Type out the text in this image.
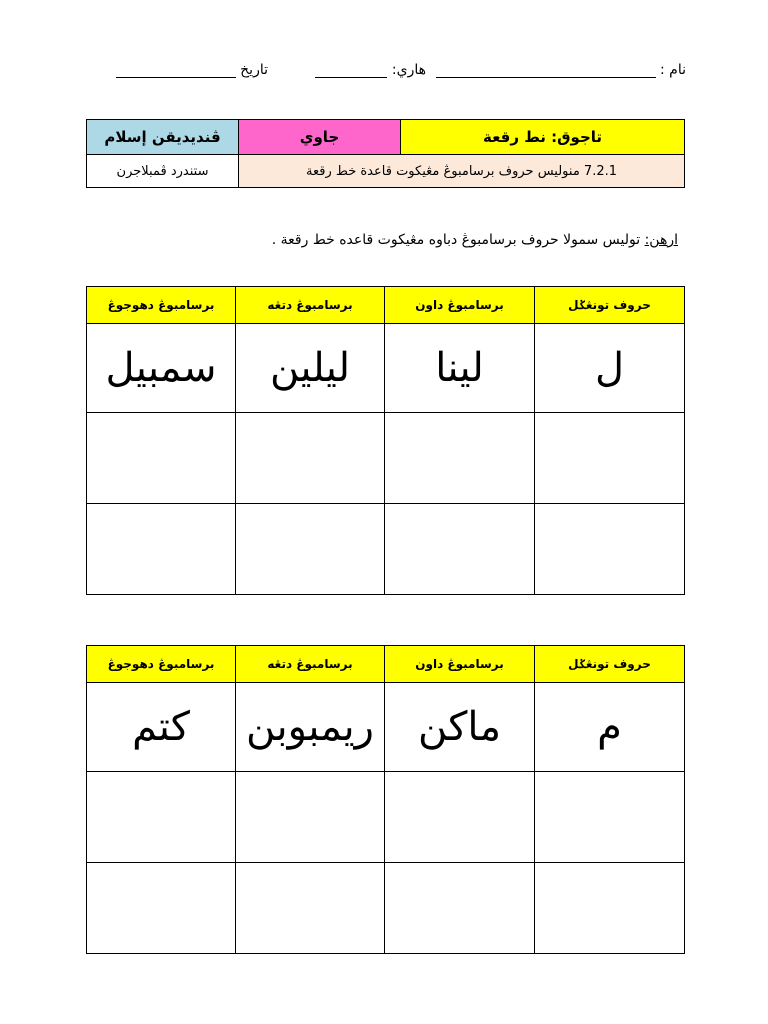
نام :
هاري:
تاريخ
ڤنديديقن إسلام	جاوي	تاجوق: نط رقعة
ستندرد ڤمبلاجرن	7.2.1 منوليس حروف برسامبوڠ مڠيکوت قاعدة خط رقعة	
ارهن: توليس سمولا حروف برسامبوڠ دباوه مڠيکوت قاعده خط رقعة .
برسامبوڠ دهوجوڠ	برسامبوڠ دتڠه	برسامبوڠ داون	حروف تونڠݢل
سمبيل	ليلين	لينا	ل

برسامبوڠ دهوجوڠ	برسامبوڠ دتڠه	برسامبوڠ داون	حروف تونڠݢل
كتم	ريمبوبن	ماكن	م
